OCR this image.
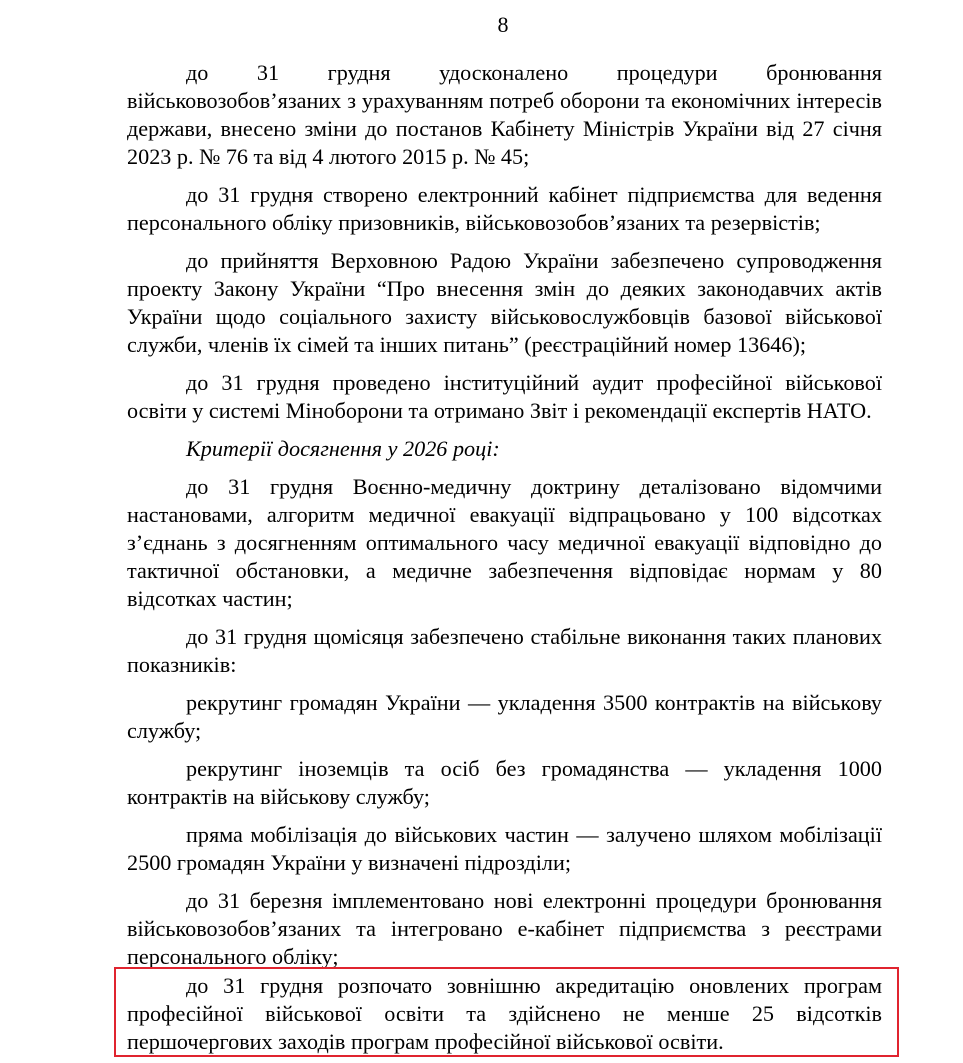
8

до 31 грудня удосконалено процедури бронювання військовозобов’язаних з урахуванням потреб оборони та економічних інтересів держави, внесено зміни до постанов Кабінету Міністрів України від 27 січня 2023 р. № 76 та від 4 лютого 2015 р. № 45;

до 31 грудня створено електронний кабінет підприємства для ведення персонального обліку призовників, військовозобов’язаних та резервістів;

до прийняття Верховною Радою України забезпечено супроводження проекту Закону України “Про внесення змін до деяких законодавчих актів України щодо соціального захисту військовослужбовців базової військової служби, членів їх сімей та інших питань” (реєстраційний номер 13646);

до 31 грудня проведено інституційний аудит професійної військової освіти у системі Міноборони та отримано Звіт і рекомендації експертів НАТО.

Критерії досягнення у 2026 році:

до 31 грудня Воєнно-медичну доктрину деталізовано відомчими настановами, алгоритм медичної евакуації відпрацьовано у 100 відсотках з’єднань з досягненням оптимального часу медичної евакуації відповідно до тактичної обстановки, а медичне забезпечення відповідає нормам у 80 відсотках частин;

до 31 грудня щомісяця забезпечено стабільне виконання таких планових показників:

рекрутинг громадян України — укладення 3500 контрактів на військову службу;

рекрутинг іноземців та осіб без громадянства — укладення 1000 контрактів на військову службу;

пряма мобілізація до військових частин — залучено шляхом мобілізації 2500 громадян України у визначені підрозділи;

до 31 березня імплементовано нові електронні процедури бронювання військовозобов’язаних та інтегровано е-кабінет підприємства з реєстрами персонального обліку;

до 31 грудня розпочато зовнішню акредитацію оновлених програм професійної військової освіти та здійснено не менше 25 відсотків першочергових заходів програм професійної військової освіти.
